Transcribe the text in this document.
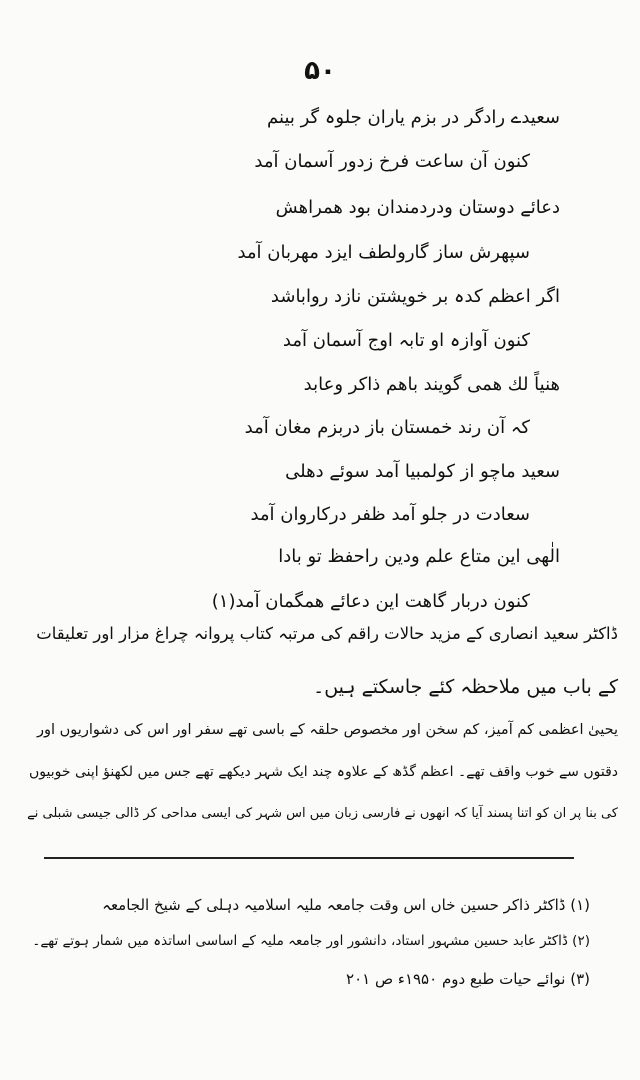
۵۰
سعیدے رادگر در بزم یاران جلوہ گر بینم
کنون آن ساعت فرخ زدور آسمان آمد
دعائے دوستان ودردمندان بود همراهش
سپهرش ساز گارولطف ایزد مهربان آمد
اگر اعظم کدہ بر خویشتن نازد رواباشد
کنون آوازہ او تابہ اوج آسمان آمد
هنیاً لك همی گویند باهم ذاکر وعابد
کہ آن رند خمستان باز دربزم مغان آمد
سعید ماچو از کولمبیا آمد سوئے دهلی
سعادت در جلو آمد ظفر درکاروان آمد
الٰهی این متاع علم ودین راحفظ تو بادا
کنون دربار گاهت این دعائے همگمان آمد(۱)
ڈاکٹر سعید انصاری کے مزید حالات راقم کی مرتبہ کتاب پروانہ چراغ مزار اور تعلیقات
کے باب میں ملاحظہ کئے جاسکتے ہیں۔
یحییٰ اعظمی کم آمیز، کم سخن اور مخصوص حلقہ کے باسی تھے سفر اور اس کی دشواریوں اور
دقتوں سے خوب واقف تھے۔ اعظم گڈھ کے علاوہ چند ایک شہر دیکھے تھے جس میں لکھنؤ اپنی خوبیوں
کی بنا پر ان کو اتنا پسند آیا کہ انھوں نے فارسی زبان میں اس شہر کی ایسی مداحی کر ڈالی جیسی شبلی نے
(۱) ڈاکٹر ذاکر حسین خاں اس وقت جامعہ ملیہ اسلامیہ دہلی کے شیخ الجامعہ
(۲) ڈاکٹر عابد حسین مشہور استاد، دانشور اور جامعہ ملیہ کے اساسی اساتذہ میں شمار ہوتے تھے۔
(۳) نوائے حیات طبع دوم ۱۹۵۰ء ص ۲۰۱
